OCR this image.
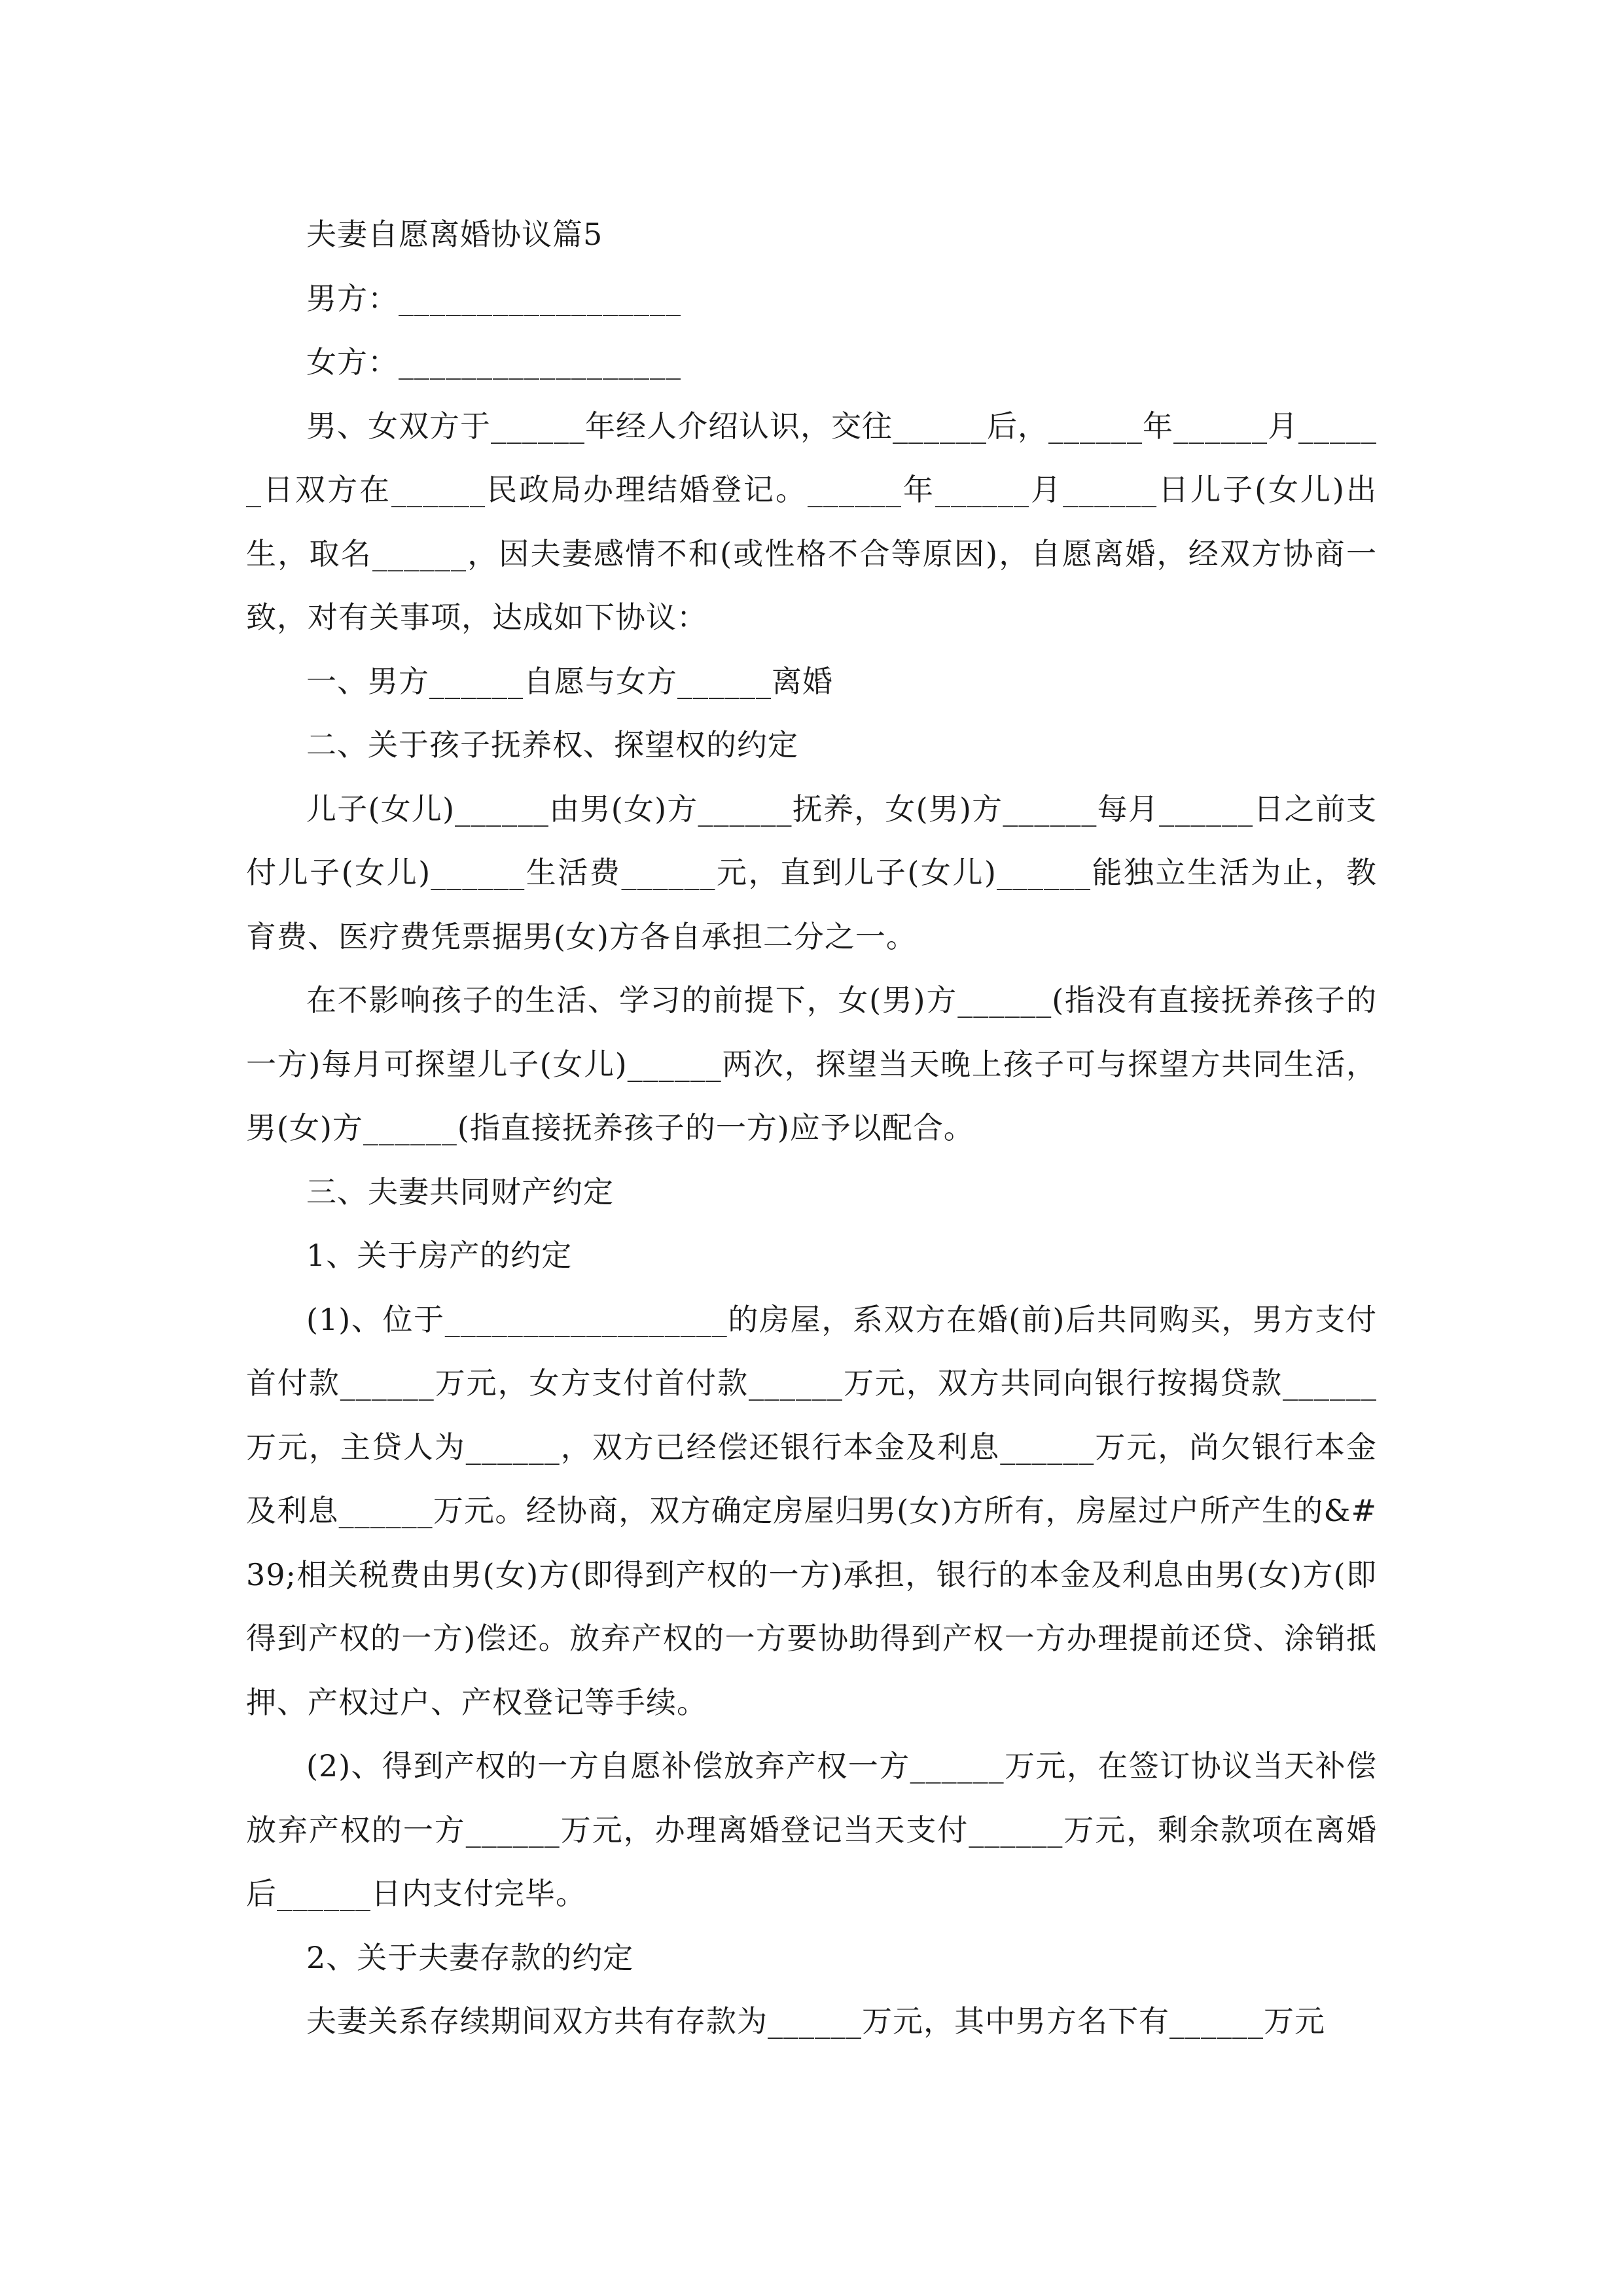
夫妻自愿离婚协议篇5

男方：__________________

女方：__________________

男、女双方于______年经人介绍认识，交往______后，______年______月______日双方在______民政局办理结婚登记。______年______月______日儿子(女儿)出生，取名______，因夫妻感情不和(或性格不合等原因)，自愿离婚，经双方协商一致，对有关事项，达成如下协议：

一、男方______自愿与女方______离婚

二、关于孩子抚养权、探望权的约定

儿子(女儿)______由男(女)方______抚养，女(男)方______每月______日之前支付儿子(女儿)______生活费______元，直到儿子(女儿)______能独立生活为止，教育费、医疗费凭票据男(女)方各自承担二分之一。

在不影响孩子的生活、学习的前提下，女(男)方______(指没有直接抚养孩子的一方)每月可探望儿子(女儿)______两次，探望当天晚上孩子可与探望方共同生活，男(女)方______(指直接抚养孩子的一方)应予以配合。

三、夫妻共同财产约定

1、关于房产的约定

(1)、位于__________________的房屋，系双方在婚(前)后共同购买，男方支付首付款______万元，女方支付首付款______万元，双方共同向银行按揭贷款______万元，主贷人为______，双方已经偿还银行本金及利息______万元，尚欠银行本金及利息______万元。经协商，双方确定房屋归男(女)方所有，房屋过户所产生的&#39;相关税费由男(女)方(即得到产权的一方)承担，银行的本金及利息由男(女)方(即得到产权的一方)偿还。放弃产权的一方要协助得到产权一方办理提前还贷、涂销抵押、产权过户、产权登记等手续。

(2)、得到产权的一方自愿补偿放弃产权一方______万元，在签订协议当天补偿放弃产权的一方______万元，办理离婚登记当天支付______万元，剩余款项在离婚后______日内支付完毕。

2、关于夫妻存款的约定

夫妻关系存续期间双方共有存款为______万元，其中男方名下有______万元
